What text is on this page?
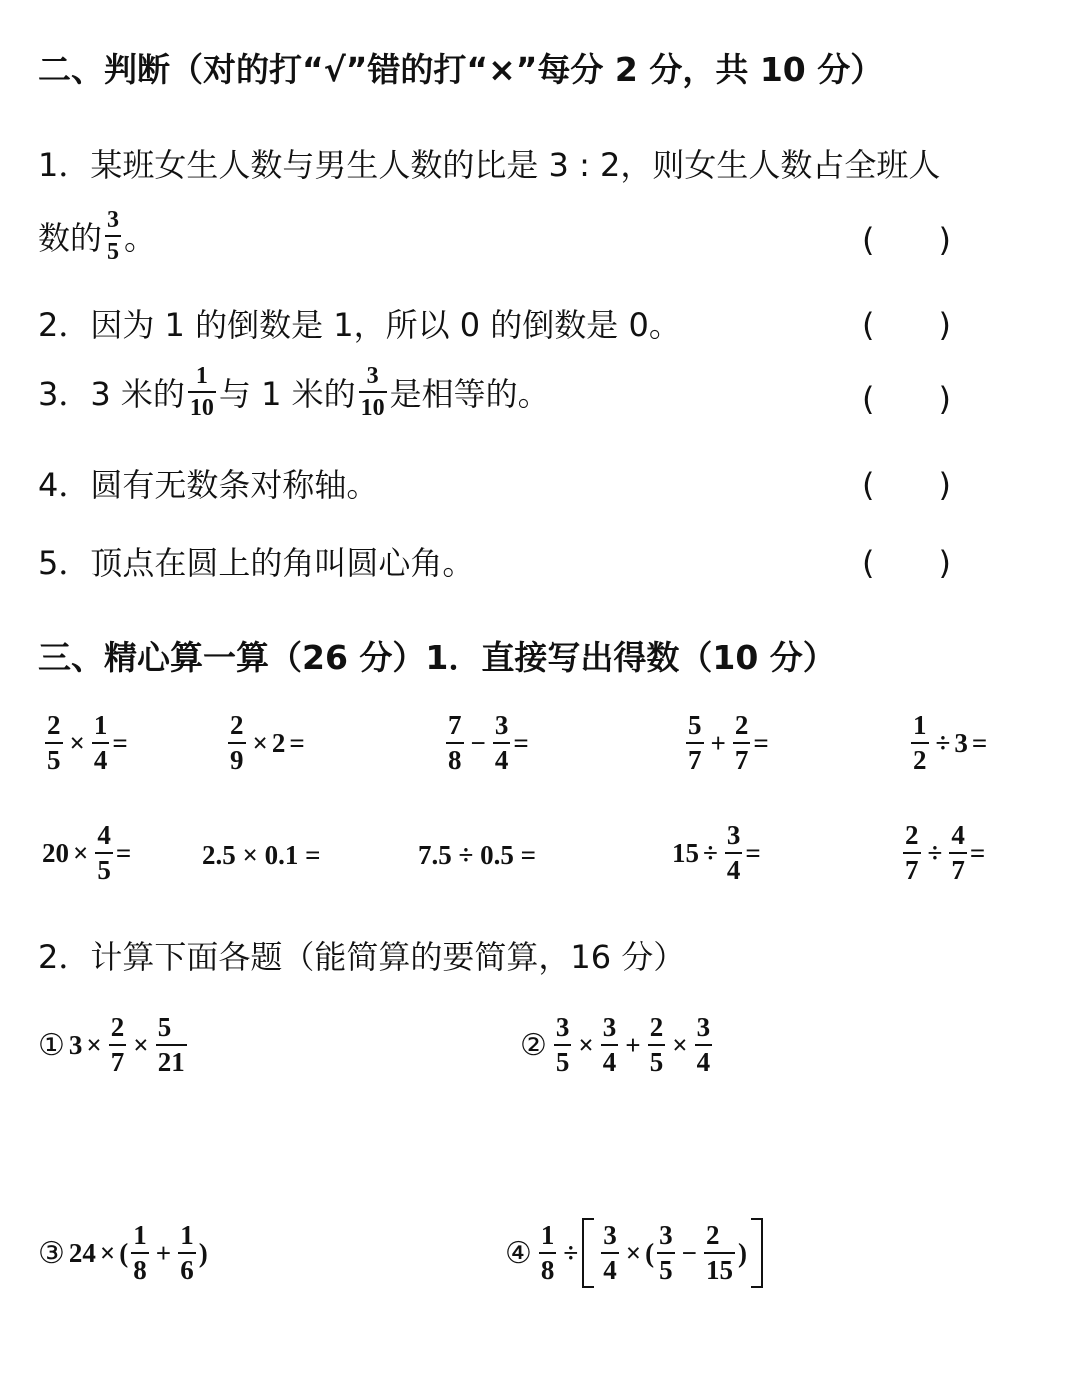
二、判断（对的打“√”错的打“×”每分 2 分，共 10 分）
1．某班女生人数与男生人数的比是 3 : 2，则女生人数占全班人
数的 $\frac{3}{5}$ 。	(　　)
2．因为 1 的倒数是 1，所以 0 的倒数是 0。	(　　)
3．3 米的 $\frac{1}{10}$ 与 1 米的 $\frac{3}{10}$ 是相等的。	(　　)
4．圆有无数条对称轴。	(　　)
5．顶点在圆上的角叫圆心角。	(　　)
三、精心算一算（26 分）1．直接写出得数（10 分）
$\frac{2}{5} \times \frac{1}{4}$ =	$\frac{2}{9} \times 2$ =	$\frac{7}{8} - \frac{3}{4}$ =	$\frac{5}{7} + \frac{2}{7}$ =	$\frac{1}{2} \div 3$ =
$20 \times \frac{4}{5}$ =	2.5 × 0.1 =	7.5 ÷ 0.5 =	$15 \div \frac{3}{4}$ =	$\frac{2}{7} \div \frac{4}{7}$ =
2．计算下面各题（能简算的要简算，16 分）
① $3 \times \frac{2}{7} \times \frac{5}{21}$	② $\frac{3}{5} \times \frac{3}{4} + \frac{2}{5} \times \frac{3}{4}$
③ 24 × ( $\frac{1}{8} + \frac{1}{6}$ )	④ $\frac{1}{8} \div \frac{3}{4}$ × ( $\frac{3}{5} - \frac{2}{15}$ )
